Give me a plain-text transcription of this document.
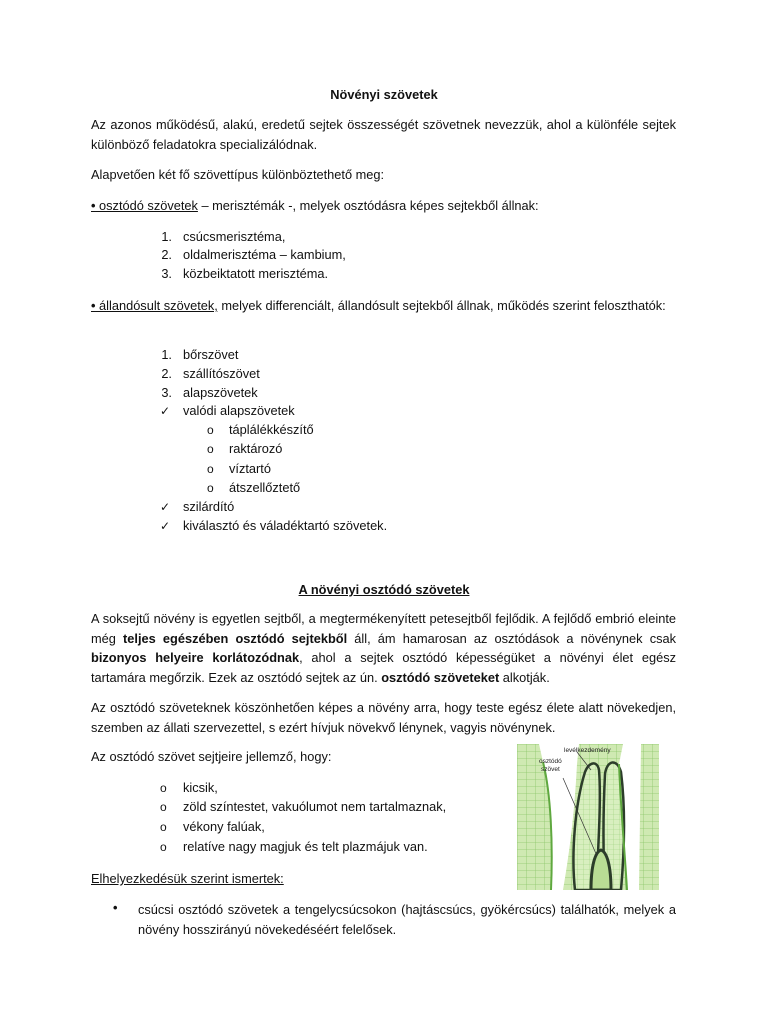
Növényi szövetek
Az azonos működésű, alakú, eredetű sejtek összességét szövetnek nevezzük, ahol a különféle sejtek különböző feladatokra specializálódnak.
Alapvetően két fő szövettípus különböztethető meg:
• osztódó szövetek – merisztémák -, melyek osztódásra képes sejtekből állnak:
1. csúcsmerisztéma,
2. oldalmerisztéma – kambium,
3. közbeiktatott merisztéma.
• állandósult szövetek, melyek differenciált, állandósult sejtekből állnak, működés szerint feloszthatók:
1. bőrszövet
2. szállítószövet
3. alapszövetek
✓	valódi alapszövetek
o	táplálékkészítő
o	raktározó
o	víztartó
o	átszellőztető
✓	szilárdító
✓	kiválasztó és váladéktartó szövetek.
A növényi osztódó szövetek
A soksejtű növény is egyetlen sejtből, a megtermékenyített petesejtből fejlődik. A fejlődő embrió eleinte még teljes egészében osztódó sejtekből áll, ám hamarosan az osztódások a növénynek csak bizonyos helyeire korlátozódnak, ahol a sejtek osztódó képességüket a növényi élet egész tartamára megőrzik. Ezek az osztódó sejtek az ún. osztódó szöveteket alkotják.
Az osztódó szöveteknek köszönhetően képes a növény arra, hogy teste egész élete alatt növekedjen, szemben az állati szervezettel, s ezért hívjuk növekvő lénynek, vagyis növénynek.
Az osztódó szövet sejtjeire jellemző, hogy:
o	kicsik,
o	zöld színtestet, vakuólumot nem tartalmaznak,
o	vékony falúak,
o	relatíve nagy magjuk és telt plazmájuk van.
Elhelyezkedésük szerint ismertek:
•	csúcsi osztódó szövetek a tengelycsúcsokon (hajtáscsúcs, gyökércsúcs) találhatók, melyek a növény hosszirányú növekedéséért felelősek.
levélkezdemény
osztódó
szövet
